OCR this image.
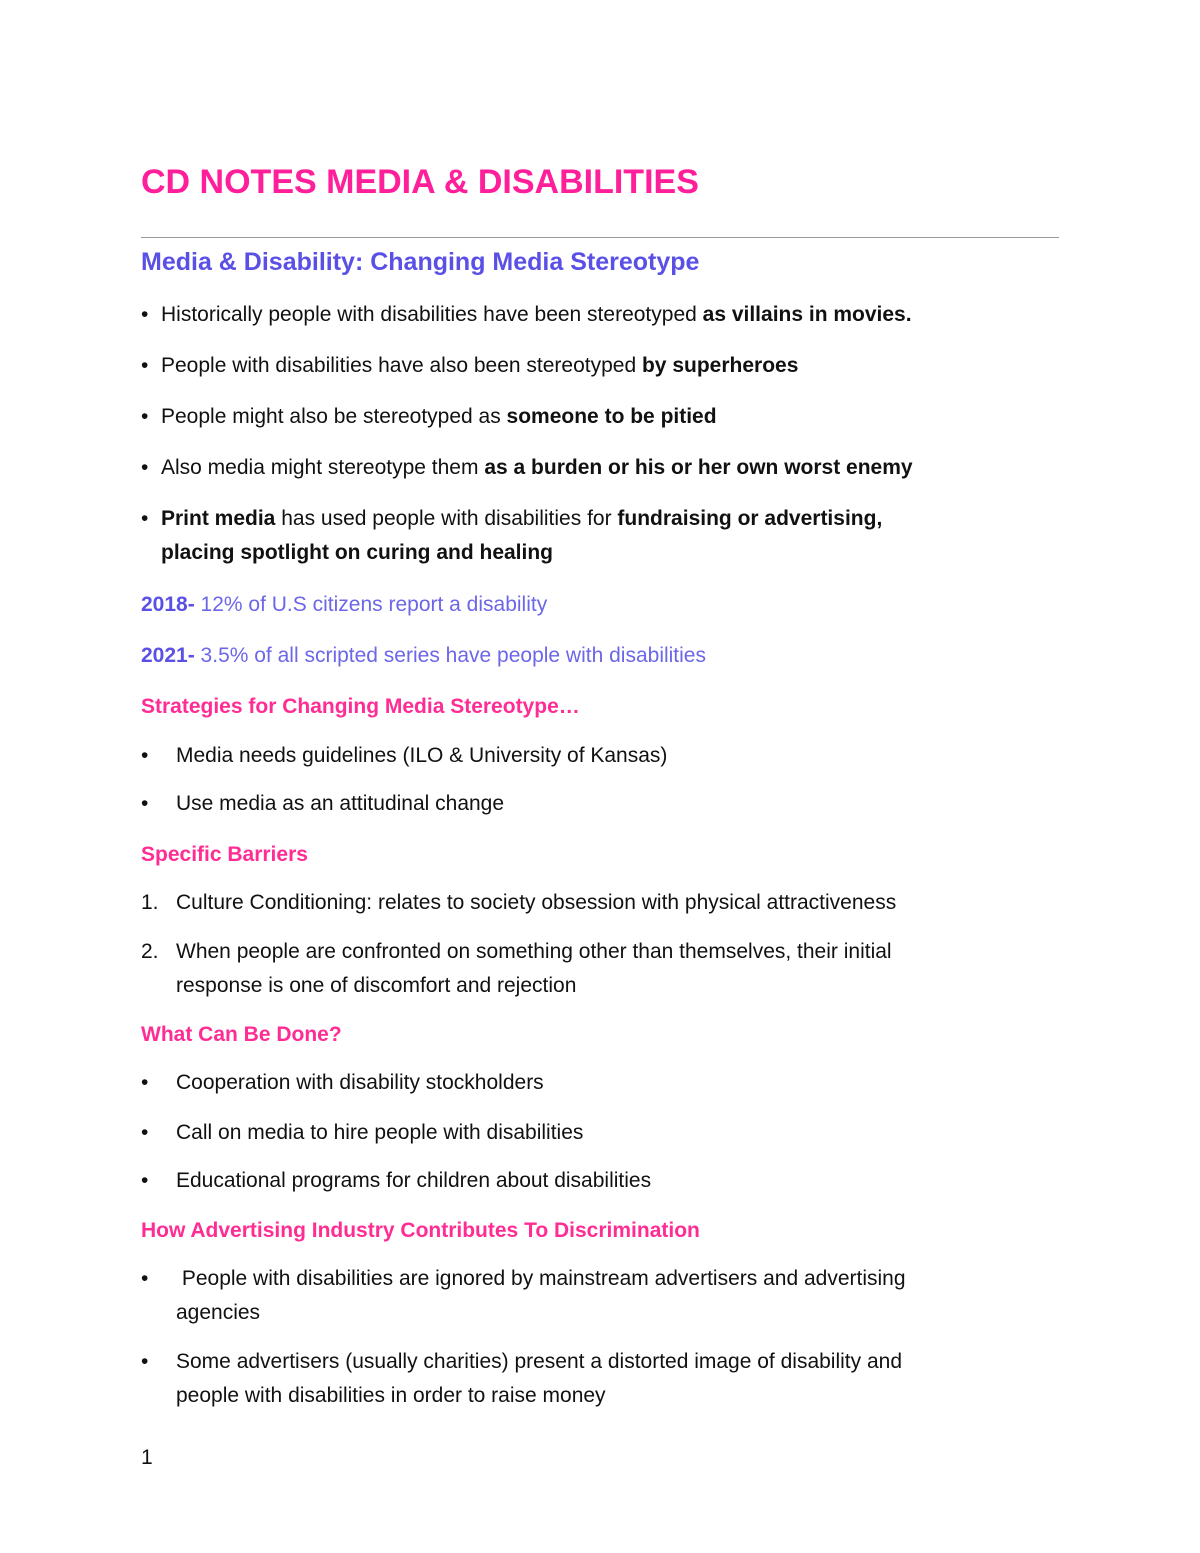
CD NOTES MEDIA & DISABILITIES
Media & Disability: Changing Media Stereotype
• Historically people with disabilities have been stereotyped as villains in movies.
• People with disabilities have also been stereotyped by superheroes
• People might also be stereotyped as someone to be pitied
• Also media might stereotype them as a burden or his or her own worst enemy
• Print media has used people with disabilities for fundraising or advertising,
placing spotlight on curing and healing
2018- 12% of U.S citizens report a disability
2021- 3.5% of all scripted series have people with disabilities
Strategies for Changing Media Stereotype…
• Media needs guidelines (ILO & University of Kansas)
• Use media as an attitudinal change
Specific Barriers
1. Culture Conditioning: relates to society obsession with physical attractiveness
2. When people are confronted on something other than themselves, their initial
response is one of discomfort and rejection
What Can Be Done?
• Cooperation with disability stockholders
• Call on media to hire people with disabilities
• Educational programs for children about disabilities
How Advertising Industry Contributes To Discrimination
• People with disabilities are ignored by mainstream advertisers and advertising
agencies
• Some advertisers (usually charities) present a distorted image of disability and
people with disabilities in order to raise money
1
